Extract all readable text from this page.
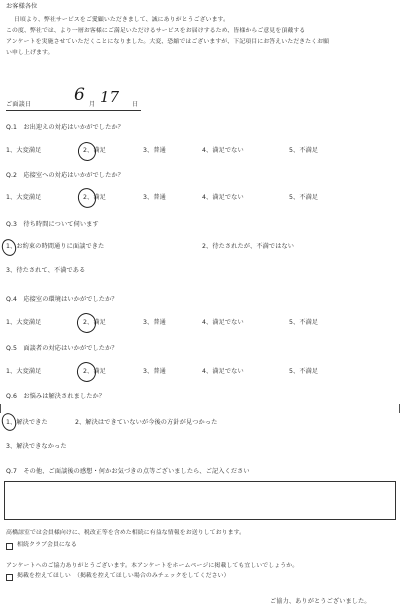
お客様各位
日頃より、弊社サービスをご愛顧いただきまして、誠にありがとうございます。
この度、弊社では、より一層お客様にご満足いただけるサービスをお届けするため、皆様からご意見を頂戴する
アンケートを実施させていただくことになりました。大変、恐縮ではございますが、下記項目にお答えいただきたくお願
い申し上げます。
ご面談日	6 月 17 日
Q.1　お出迎えの対応はいかがでしたか？
1、大変満足	2、満足	3、普通	4、満足でない	5、不満足
Q.2　応接室への対応はいかがでしたか？
1、大変満足	2、満足	3、普通	4、満足でない	5、不満足
Q.3　待ち時間について伺います
1、お約束の時間通りに面談できた	2、待たされたが、不満ではない
3、待たされて、不満である
Q.4　応接室の環境はいかがでしたか？
1、大変満足	2、満足	3、普通	4、満足でない	5、不満足
Q.5　面談者の対応はいかがでしたか？
1、大変満足	2、満足	3、普通	4、満足でない	5、不満足
Q.6　お悩みは解決されましたか？
1、解決できた	2、解決はできていないが今後の方針が見つかった
3、解決できなかった
Q.7　その他、ご面談後の感想・何かお気づきの点等ございましたら、ご記入ください
高橋諒室では会員様向けに、税改正等を含めた相続に有益な情報をお送りしております。
相続クラブ会員になる
アンケートへのご協力ありがとうございます。本アンケートをホームページに掲載しても宜しいでしょうか。
掲載を控えてほしい　（掲載を控えてほしい場合のみチェックをしてください）
ご協力、ありがとうございました。
